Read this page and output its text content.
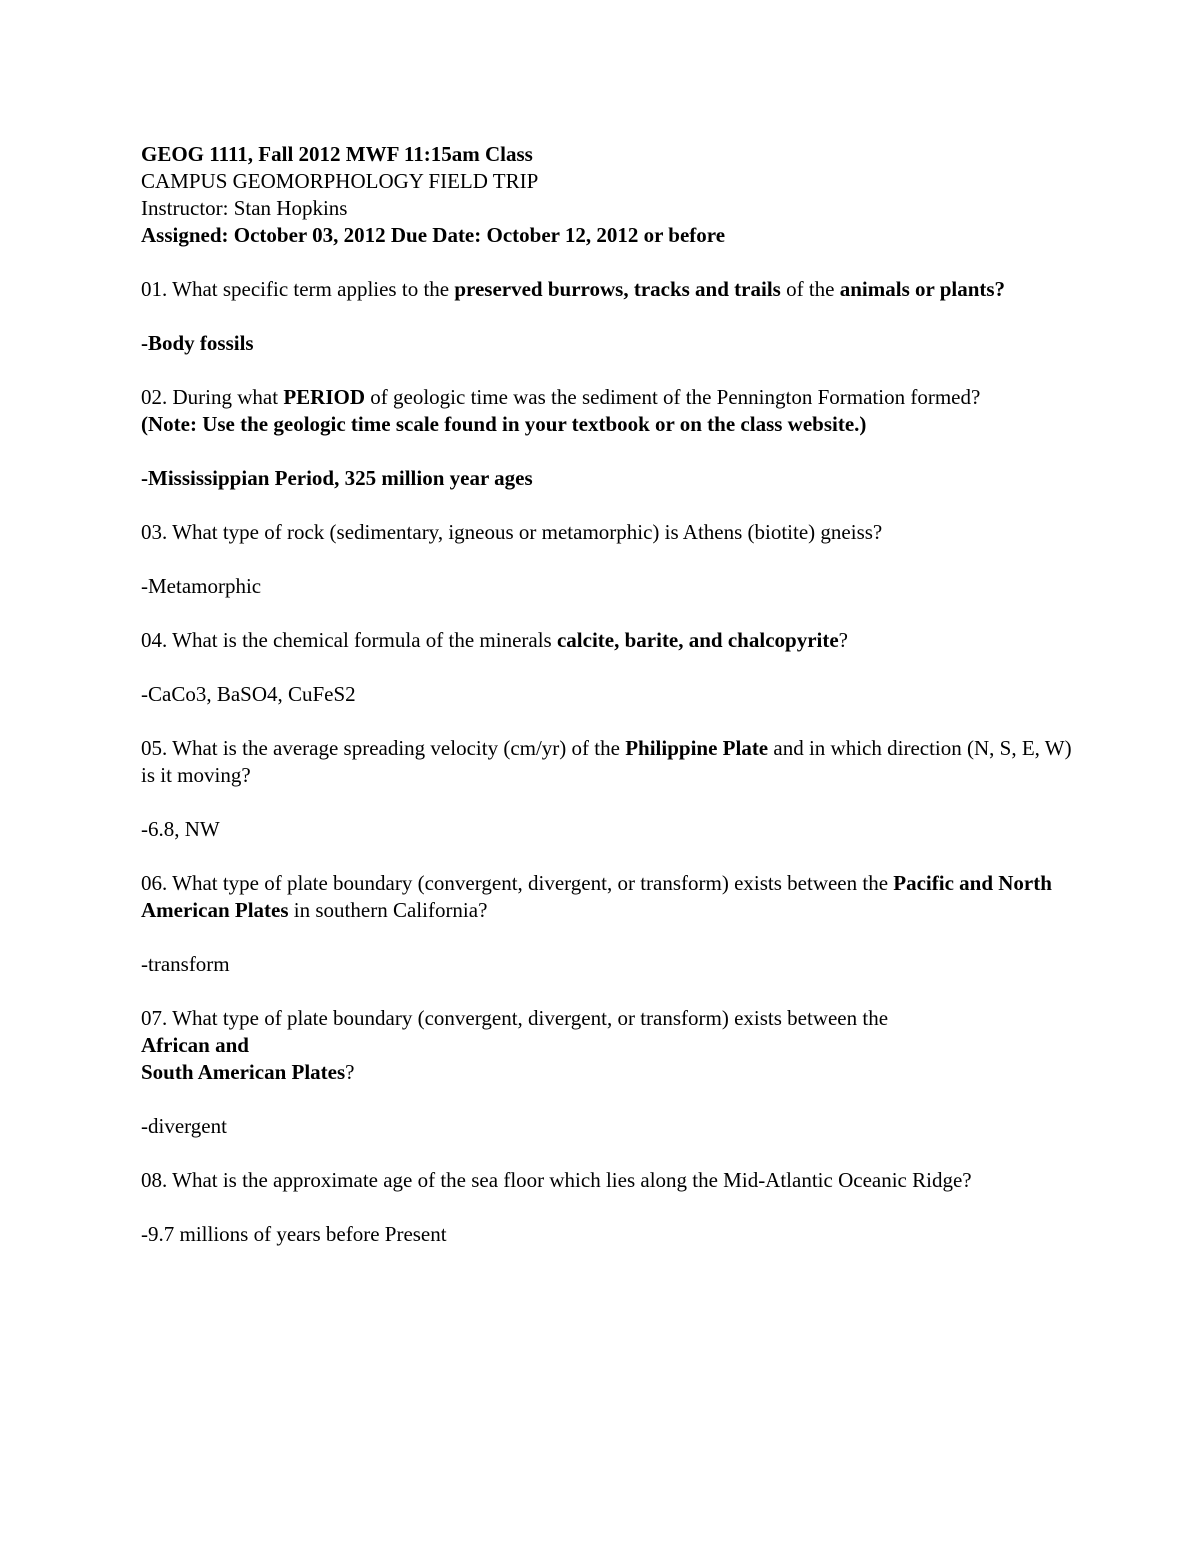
GEOG 1111, Fall 2012 MWF 11:15am Class
CAMPUS GEOMORPHOLOGY FIELD TRIP
Instructor: Stan Hopkins
Assigned: October 03, 2012 Due Date: October 12, 2012 or before
01. What specific term applies to the preserved burrows, tracks and trails of the animals or plants?
-Body fossils
02. During what PERIOD of geologic time was the sediment of the Pennington Formation formed?
(Note: Use the geologic time scale found in your textbook or on the class website.)
-Mississippian Period, 325 million year ages
03. What type of rock (sedimentary, igneous or metamorphic) is Athens (biotite) gneiss?
-Metamorphic
04. What is the chemical formula of the minerals calcite, barite, and chalcopyrite?
-CaCo3, BaSO4, CuFeS2
05. What is the average spreading velocity (cm/yr) of the Philippine Plate and in which direction (N, S, E, W)
is it moving?
-6.8, NW
06. What type of plate boundary (convergent, divergent, or transform) exists between the Pacific and North
American Plates in southern California?
-transform
07. What type of plate boundary (convergent, divergent, or transform) exists between the
African and
South American Plates?
-divergent
08. What is the approximate age of the sea floor which lies along the Mid-Atlantic Oceanic Ridge?
-9.7 millions of years before Present
